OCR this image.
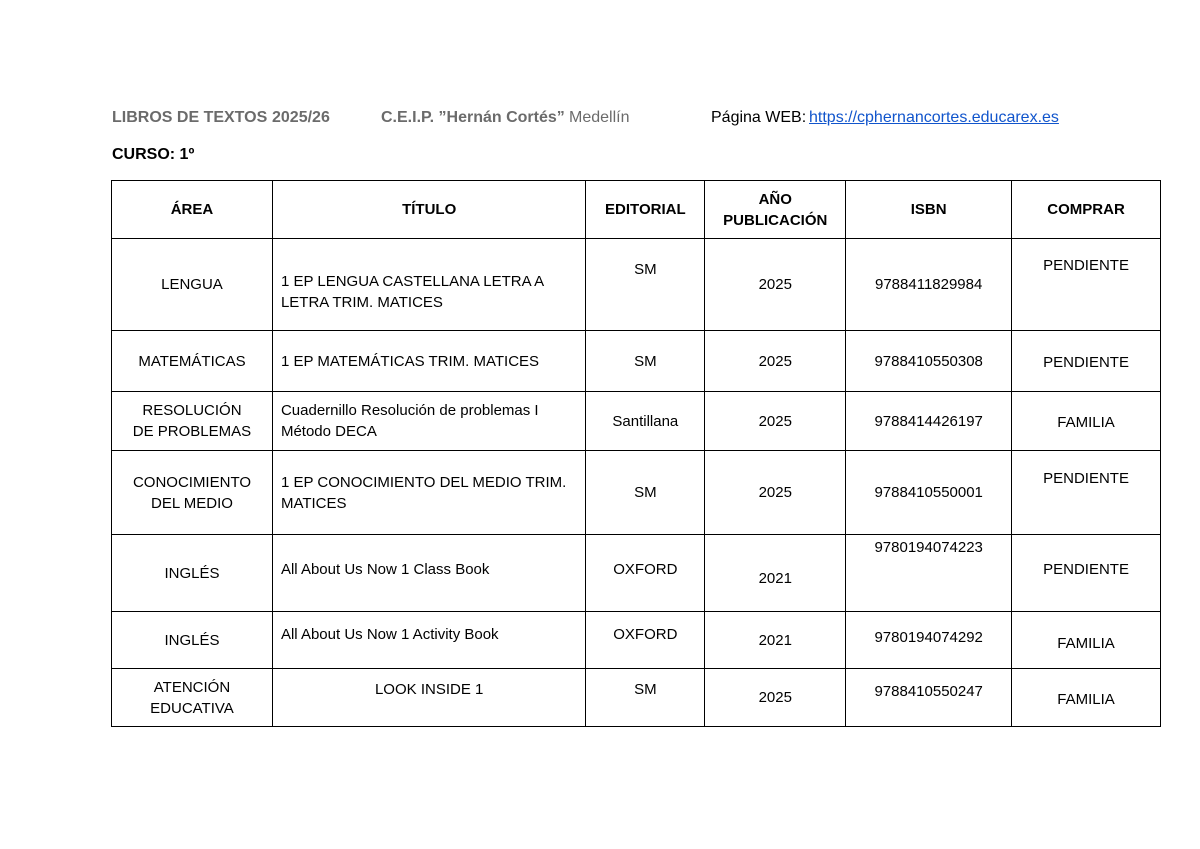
LIBROS DE TEXTOS 2025/26	C.E.I.P. ”Hernán Cortés” Medellín	Página WEB: https://cphernancortes.educarex.es
CURSO: 1º
ÁREA	TÍTULO	EDITORIAL	AÑO PUBLICACIÓN	ISBN	COMPRAR
LENGUA	1 EP LENGUA CASTELLANA LETRA A LETRA TRIM. MATICES	SM	2025	9788411829984	PENDIENTE
MATEMÁTICAS	1 EP MATEMÁTICAS TRIM. MATICES	SM	2025	9788410550308	PENDIENTE
RESOLUCIÓN DE PROBLEMAS	Cuadernillo Resolución de problemas I Método DECA	Santillana	2025	9788414426197	FAMILIA
CONOCIMIENTO DEL MEDIO	1 EP CONOCIMIENTO DEL MEDIO TRIM. MATICES	SM	2025	9788410550001	PENDIENTE
INGLÉS	All About Us Now 1 Class Book	OXFORD	2021	9780194074223	PENDIENTE
INGLÉS	All About Us Now 1 Activity Book	OXFORD	2021	9780194074292	FAMILIA
ATENCIÓN EDUCATIVA	LOOK INSIDE 1	SM	2025	9788410550247	FAMILIA
